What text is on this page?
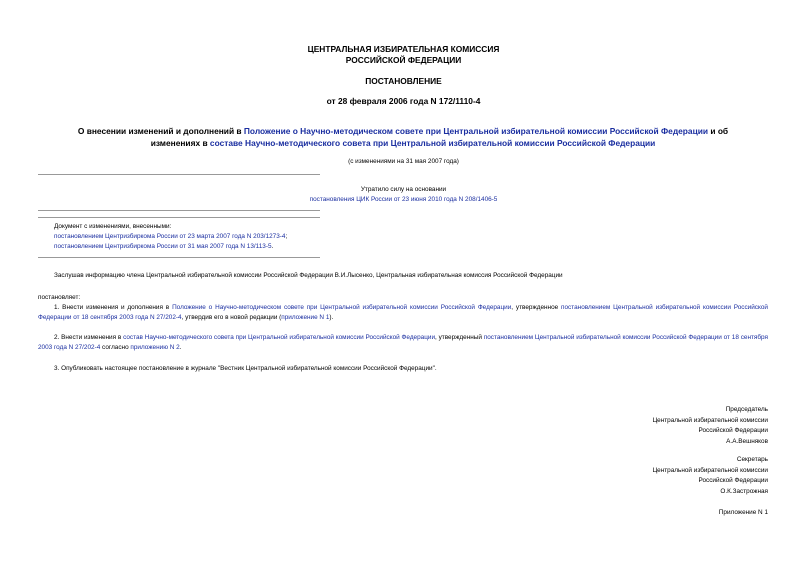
ЦЕНТРАЛЬНАЯ ИЗБИРАТЕЛЬНАЯ КОМИССИЯ
РОССИЙСКОЙ ФЕДЕРАЦИИ
ПОСТАНОВЛЕНИЕ
от 28 февраля 2006 года N 172/1110-4
О внесении изменений и дополнений в Положение о Научно-методическом совете при Центральной избирательной комиссии Российской Федерации и об изменениях в составе Научно-методического совета при Центральной избирательной комиссии Российской Федерации
(с изменениями на 31 мая 2007 года)
Утратило силу на основании
постановления ЦИК России от 23 июня 2010 года N 208/1406-5
Документ с изменениями, внесенными:
постановлением Центризбиркома России от 23 марта 2007 года N 203/1273-4;
постановлением Центризбиркома России от 31 мая 2007 года N 13/113-5.
Заслушав информацию члена Центральной избирательной комиссии Российской Федерации В.И.Лысенко, Центральная избирательная комиссия Российской Федерации
постановляет:
1. Внести изменения и дополнения в Положение о Научно-методическом совете при Центральной избирательной комиссии Российской Федерации, утвержденное постановлением Центральной избирательной комиссии Российской Федерации от 18 сентября 2003 года N 27/202-4, утвердив его в новой редакции (приложение N 1).
2. Внести изменения в состав Научно-методического совета при Центральной избирательной комиссии Российской Федерации, утвержденный постановлением Центральной избирательной комиссии Российской Федерации от 18 сентября 2003 года N 27/202-4 согласно приложению N 2.
3. Опубликовать настоящее постановление в журнале "Вестник Центральной избирательной комиссии Российской Федерации".
Председатель
Центральной избирательной комиссии
Российской Федерации
А.А.Вешняков
Секретарь
Центральной избирательной комиссии
Российской Федерации
О.К.Застрожная
Приложение N 1
